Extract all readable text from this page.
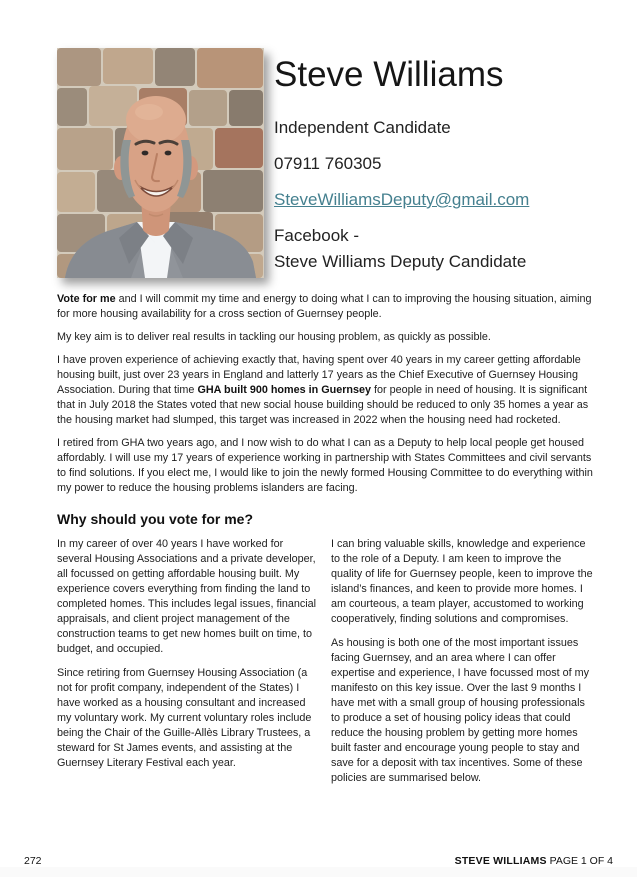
Steve Williams
Independent Candidate
07911 760305
SteveWilliamsDeputy@gmail.com
Facebook -
Steve Williams Deputy Candidate

Vote for me and I will commit my time and energy to doing what I can to improving the housing situation, aiming for more housing availability for a cross section of Guernsey people.

My key aim is to deliver real results in tackling our housing problem, as quickly as possible.

I have proven experience of achieving exactly that, having spent over 40 years in my career getting affordable housing built, just over 23 years in England and latterly 17 years as the Chief Executive of Guernsey Housing Association. During that time GHA built 900 homes in Guernsey for people in need of housing. It is significant that in July 2018 the States voted that new social house building should be reduced to only 35 homes a year as the housing market had slumped, this target was increased in 2022 when the housing need had rocketed.

I retired from GHA two years ago, and I now wish to do what I can as a Deputy to help local people get housed affordably. I will use my 17 years of experience working in partnership with States Committees and civil servants to find solutions. If you elect me, I would like to join the newly formed Housing Committee to do everything within my power to reduce the housing problems islanders are facing.

Why should you vote for me?

In my career of over 40 years I have worked for several Housing Associations and a private developer, all focussed on getting affordable housing built. My experience covers everything from finding the land to completed homes. This includes legal issues, financial appraisals, and client project management of the construction teams to get new homes built on time, to budget, and occupied.

Since retiring from Guernsey Housing Association (a not for profit company, independent of the States) I have worked as a housing consultant and increased my voluntary work. My current voluntary roles include being the Chair of the Guille-Allès Library Trustees, a steward for St James events, and assisting at the Guernsey Literary Festival each year.

I can bring valuable skills, knowledge and experience to the role of a Deputy. I am keen to improve the quality of life for Guernsey people, keen to improve the island’s finances, and keen to provide more homes. I am courteous, a team player, accustomed to working cooperatively, finding solutions and compromises.

As housing is both one of the most important issues facing Guernsey, and an area where I can offer expertise and experience, I have focussed most of my manifesto on this key issue. Over the last 9 months I have met with a small group of housing professionals to produce a set of housing policy ideas that could reduce the housing problem by getting more homes built faster and encourage young people to stay and save for a deposit with tax incentives. Some of these policies are summarised below.

272	STEVE WILLIAMS PAGE 1 OF 4
